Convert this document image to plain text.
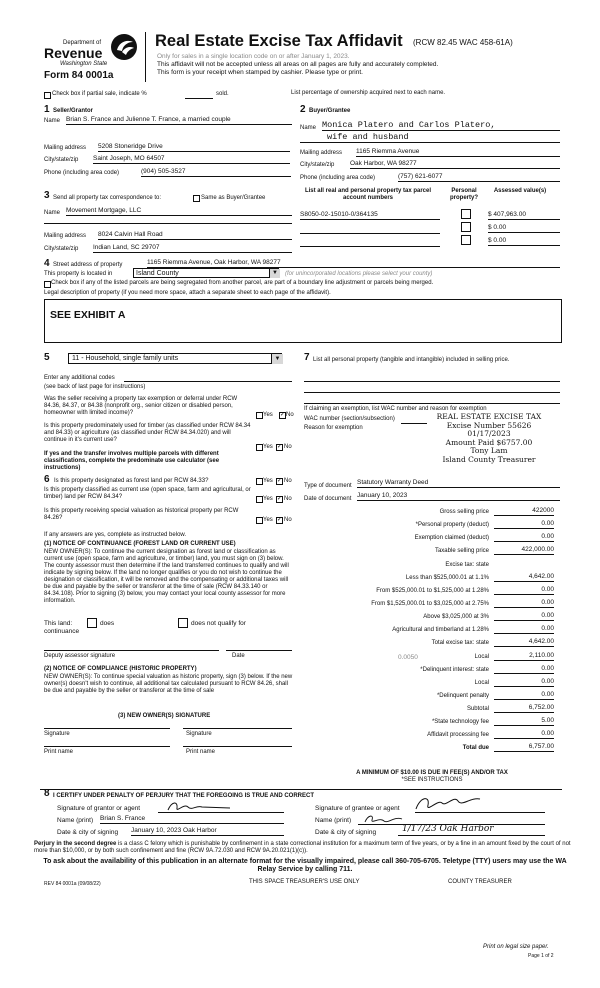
Department of
Revenue
Washington State
Form 84 0001a
Real Estate Excise Tax Affidavit (RCW 82.45 WAC 458-61A)
Only for sales in a single location code on or after January 1, 2023.
This affidavit will not be accepted unless all areas on all pages are fully and accurately completed.
This form is your receipt when stamped by cashier. Please type or print.
Check box if partial sale, indicate %	sold.	List percentage of ownership acquired next to each name.
1 Seller/Grantor
Name Brian S. France and Julienne T. France, a married couple
Mailing address 5208 Stoneridge Drive
City/state/zip Saint Joseph, MO 64507
Phone (including area code)	(904) 505-3527
2 Buyer/Grantee
Name Monica Platero and Carlos Platero,
wife and husband
Mailing address 1165 Riemma Avenue
City/state/zip Oak Harbor, WA 98277
Phone (including area code)	(757) 621-6077
3 Send all property tax correspondence to:	Same as Buyer/Grantee
Name Movement Mortgage, LLC
Mailing address 8024 Calvin Hall Road
City/state/zip Indian Land, SC 29707
List all real and personal property tax parcel account numbers
Personal property?
Assessed value(s)
S8050-02-15010-0/364135	$ 407,963.00
$ 0.00
$ 0.00
4 Street address of property	1165 Riemma Avenue, Oak Harbor, WA 98277
This property is located in	Island County	▼	(for unincorporated locations please select your county)
Check box if any of the listed parcels are being segregated from another parcel, are part of a boundary line adjustment or parcels being merged.
Legal description of property (if you need more space, attach a separate sheet to each page of the affidavit).
SEE EXHIBIT A
5	11 - Household, single family units	▼
Enter any additional codes
(see back of last page for instructions)
Was the seller receiving a property tax exemption or deferral under RCW 84.36, 84.37, or 84.38 (nonprofit org., senior citizen or disabled person, homeowner with limited income)?	Yes ✓ No
Is this property predominately used for timber (as classified under RCW 84.34 and 84.33) or agriculture (as classified under RCW 84.34.020) and will continue in it's current use?
If yes and the transfer involves multiple parcels with different classifications, complete the predominate use calculator (see instructions)
Yes ✓ No
6 Is this property designated as forest land per RCW 84.33?	Yes ✓ No
Is this property classified as current use (open space, farm and agricultural, or timber) land per RCW 84.34?	Yes ✓ No
Is this property receiving special valuation as historical property per RCW 84.26?	Yes ✓ No
If any answers are yes, complete as instructed below.
(1) NOTICE OF CONTINUANCE (FOREST LAND OR CURRENT USE)
NEW OWNER(S): To continue the current designation as forest land or classification as current use (open space, farm and agriculture, or timber) land, you must sign on (3) below. The county assessor must then determine if the land transferred continues to qualify and will indicate by signing below. If the land no longer qualifies or you do not wish to continue the designation or classification, it will be removed and the compensating or additional taxes will be due and payable by the seller or transferor at the time of sale (RCW 84.33.140 or 84.34.108). Prior to signing (3) below, you may contact your local county assessor for more information.
This land:	does	does not qualify for
continuance
Deputy assessor signature	Date
(2) NOTICE OF COMPLIANCE (HISTORIC PROPERTY)
NEW OWNER(S): To continue special valuation as historic property, sign (3) below. If the new owner(s) doesn't wish to continue, all additional tax calculated pursuant to RCW 84.26, shall be due and payable by the seller or transferor at the time of sale
(3) NEW OWNER(S) SIGNATURE
Signature	Signature
Print name	Print name
7 List all personal property (tangible and intangible) included in selling price.
If claiming an exemption, list WAC number and reason for exemption
WAC number (section/subsection)
Reason for exemption
REAL ESTATE EXCISE TAX
Excise Number 55626
01/17/2023
Amount Paid $6757.00
Tony Lam
Island County Treasurer
Type of document Statutory Warranty Deed
Date of document January 10, 2023
Gross selling price	422000
*Personal property (deduct)	0.00
Exemption claimed (deduct)	0.00
Taxable selling price	422,000.00
Excise tax: state
Less than $525,000.01 at 1.1%	4,642.00
From $525,000.01 to $1,525,000 at 1.28%	0.00
From $1,525,000.01 to $3,025,000 at 2.75%	0.00
Above $3,025,000 at 3%	0.00
Agricultural and timberland at 1.28%	0.00
Total excise tax: state	4,642.00
Local	2,110.00
0.0050
*Delinquent interest: state	0.00
Local	0.00
*Delinquent penalty	0.00
Subtotal	6,752.00
*State technology fee	5.00
Affidavit processing fee	0.00
Total due	6,757.00
A MINIMUM OF $10.00 IS DUE IN FEE(S) AND/OR TAX
*SEE INSTRUCTIONS
8 I CERTIFY UNDER PENALTY OF PERJURY THAT THE FOREGOING IS TRUE AND CORRECT
Signature of grantor or agent
Name (print) Brian S. France
Date & city of signing January 10, 2023 Oak Harbor
Signature of grantee or agent
Name (print)
Date & city of signing	1/17/23 Oak Harbor
Perjury in the second degree is a class C felony which is punishable by confinement in a state correctional institution for a maximum term of five years, or by a fine in an amount fixed by the court of not more than $10,000, or by both such confinement and fine (RCW 9A.72.030 and RCW 9A.20.021(1)(c)).
To ask about the availability of this publication in an alternate format for the visually impaired, please call 360-705-6705. Teletype (TTY) users may use the WA Relay Service by calling 711.
REV 84 0001a (09/08/22)	THIS SPACE TREASURER'S USE ONLY	COUNTY TREASURER
Print on legal size paper.
Page 1 of 2
